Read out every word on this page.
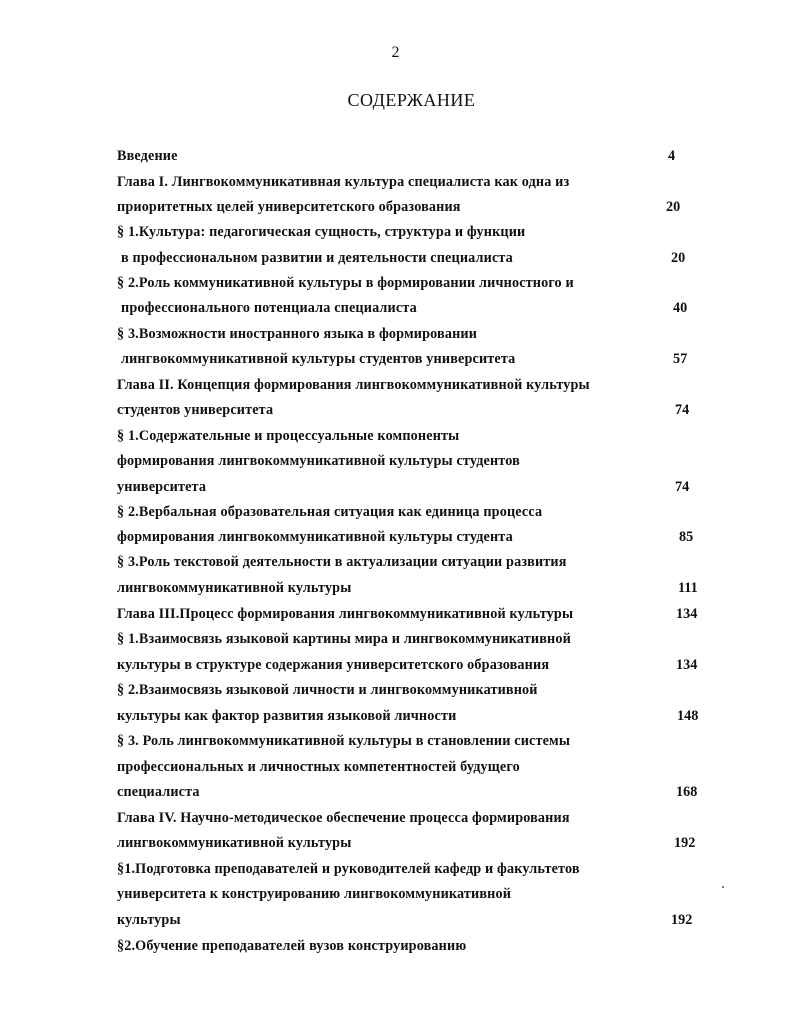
2
СОДЕРЖАНИЕ
Введение
Глава I. Лингвокоммуникативная культура специалиста как одна из
приоритетных целей университетского образования
§ 1.Культура: педагогическая сущность, структура и функции
в профессиональном развитии и деятельности специалиста
§ 2.Роль коммуникативной культуры в формировании личностного и
профессионального потенциала специалиста
§ 3.Возможности иностранного языка в формировании
лингвокоммуникативной культуры студентов университета
Глава II. Концепция формирования лингвокоммуникативной культуры
студентов университета
§ 1.Содержательные и процессуальные компоненты
формирования лингвокоммуникативной культуры студентов
университета
§ 2.Вербальная образовательная ситуация как единица процесса
формирования лингвокоммуникативной культуры студента
§ 3.Роль текстовой деятельности в актуализации ситуации развития
лингвокоммуникативной культуры
Глава III.Процесс формирования лингвокоммуникативной культуры
§ 1.Взаимосвязь языковой картины мира и лингвокоммуникативной
культуры в структуре содержания университетского образования
§ 2.Взаимосвязь языковой личности и лингвокоммуникативной
культуры как фактор развития языковой личности
§ 3. Роль лингвокоммуникативной культуры в становлении системы
профессиональных и личностных компетентностей будущего
специалиста
Глава IV. Научно-методическое обеспечение процесса формирования
лингвокоммуникативной культуры
§1.Подготовка преподавателей и руководителей кафедр и факультетов
университета к конструированию лингвокоммуникативной
культуры
§2.Обучение преподавателей вузов конструированию
4
20
20
40
57
74
74
85
111
134
134
148
168
192
192
